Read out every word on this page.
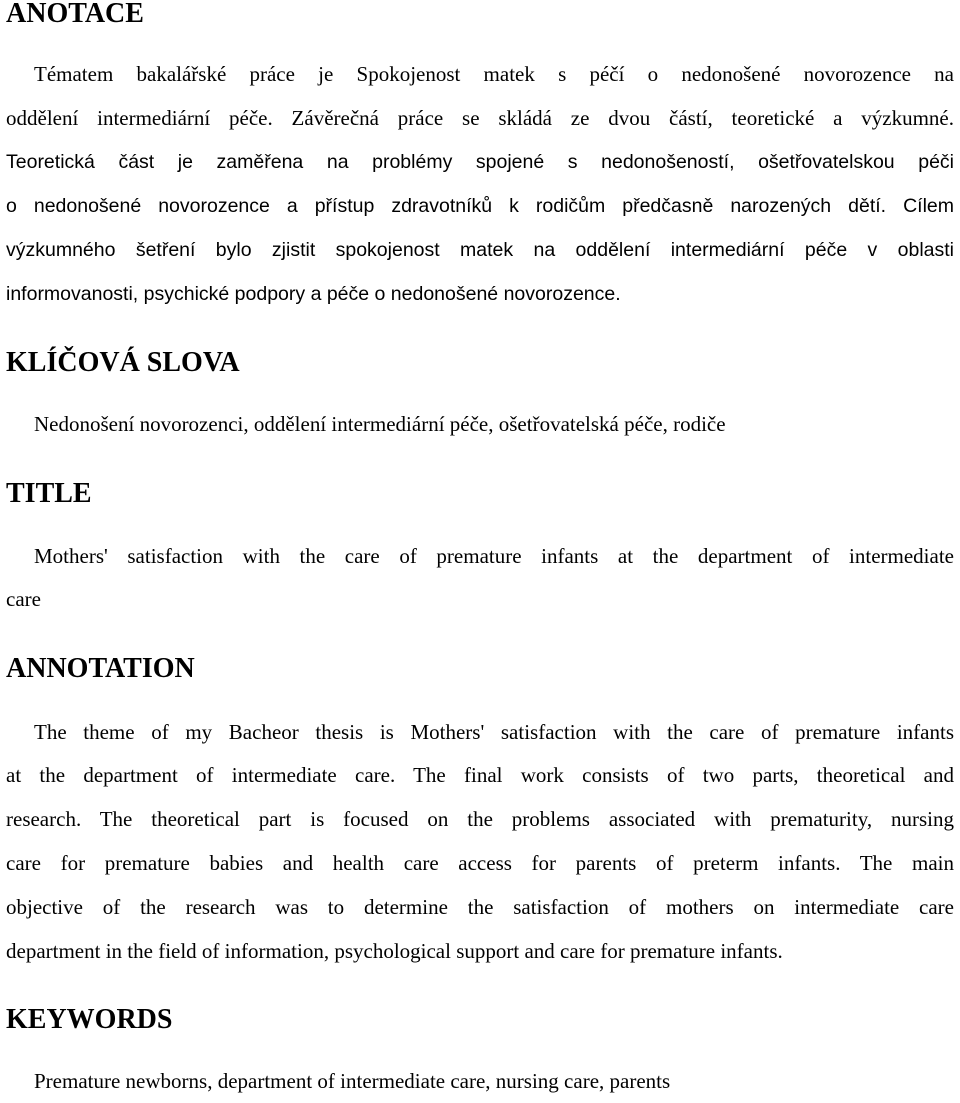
ANOTACE
Tématem bakalářské práce je Spokojenost matek s péčí o nedonošené novorozence na
oddělení intermediární péče. Závěrečná práce se skládá ze dvou částí, teoretické a výzkumné.
Teoretická část je zaměřena na problémy spojené s nedonošeností, ošetřovatelskou péči
o nedonošené novorozence a přístup zdravotníků k rodičům předčasně narozených dětí. Cílem
výzkumného šetření bylo zjistit spokojenost matek na oddělení intermediární péče v oblasti
informovanosti, psychické podpory a péče o nedonošené novorozence.
KLÍČOVÁ SLOVA
Nedonošení novorozenci, oddělení intermediární péče, ošetřovatelská péče, rodiče
TITLE
Mothers' satisfaction with the care of premature infants at the department of intermediate
care
ANNOTATION
The theme of my Bacheor thesis is Mothers' satisfaction with the care of premature infants
at the department of intermediate care. The final work consists of two parts, theoretical and
research. The theoretical part is focused on the problems associated with prematurity, nursing
care for premature babies and health care access for parents of preterm infants. The main
objective of the research was to determine the satisfaction of mothers on intermediate care
department in the field of information, psychological support and care for premature infants.
KEYWORDS
Premature newborns, department of intermediate care, nursing care, parents
